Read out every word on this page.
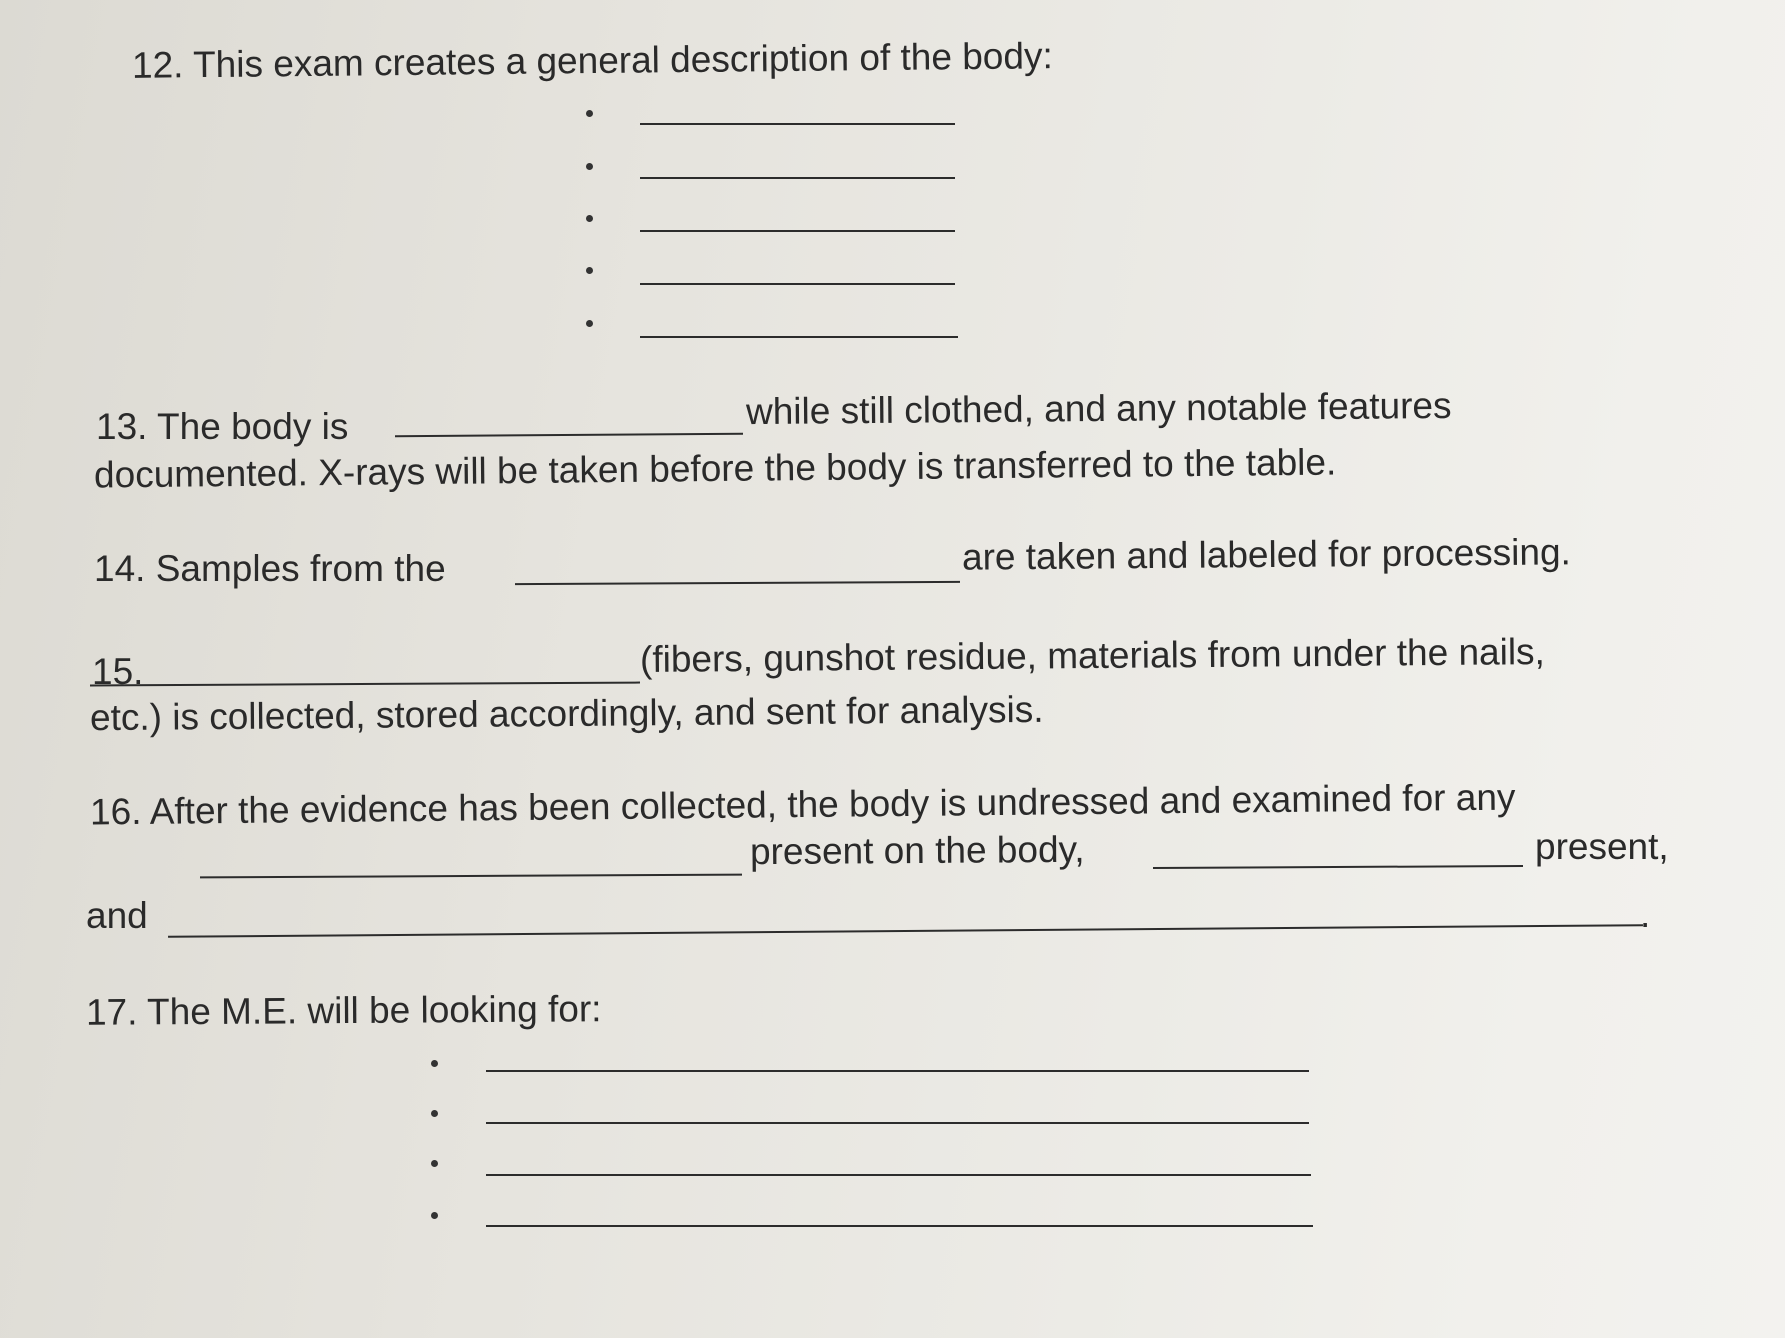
12. This exam creates a general description of the body:
13. The body is	while still clothed, and any notable features
documented. X-rays will be taken before the body is transferred to the table.
14. Samples from the	are taken and labeled for processing.
15.	(fibers, gunshot residue, materials from under the nails,
etc.) is collected, stored accordingly, and sent for analysis.
16. After the evidence has been collected, the body is undressed and examined for any
present on the body,	present,
and	.
17. The M.E. will be looking for:
